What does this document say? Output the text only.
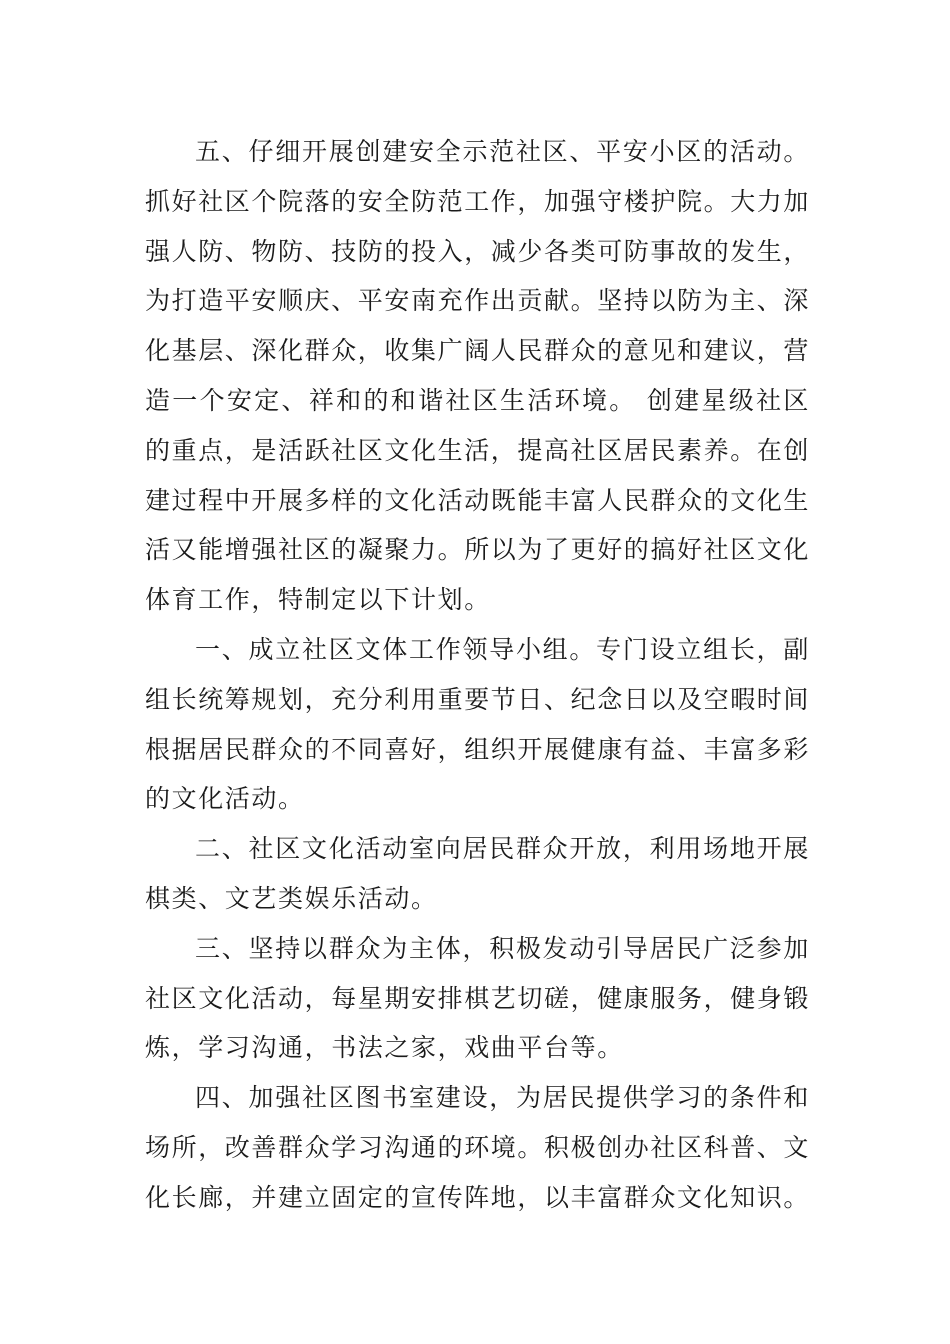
五、仔细开展创建安全示范社区、平安小区的活动。抓好社区个院落的安全防范工作，加强守楼护院。大力加强人防、物防、技防的投入，减少各类可防事故的发生，为打造平安顺庆、平安南充作出贡献。坚持以防为主、深化基层、深化群众，收集广阔人民群众的意见和建议，营造一个安定、祥和的和谐社区生活环境。 创建星级社区的重点，是活跃社区文化生活，提高社区居民素养。在创建过程中开展多样的文化活动既能丰富人民群众的文化生活又能增强社区的凝聚力。所以为了更好的搞好社区文化体育工作，特制定以下计划。

一、成立社区文体工作领导小组。专门设立组长，副组长统筹规划，充分利用重要节日、纪念日以及空暇时间根据居民群众的不同喜好，组织开展健康有益、丰富多彩的文化活动。

二、社区文化活动室向居民群众开放，利用场地开展棋类、文艺类娱乐活动。

三、坚持以群众为主体，积极发动引导居民广泛参加社区文化活动，每星期安排棋艺切磋，健康服务，健身锻炼，学习沟通，书法之家，戏曲平台等。

四、加强社区图书室建设，为居民提供学习的条件和场所，改善群众学习沟通的环境。积极创办社区科普、文化长廊，并建立固定的宣传阵地，以丰富群众文化知识。
